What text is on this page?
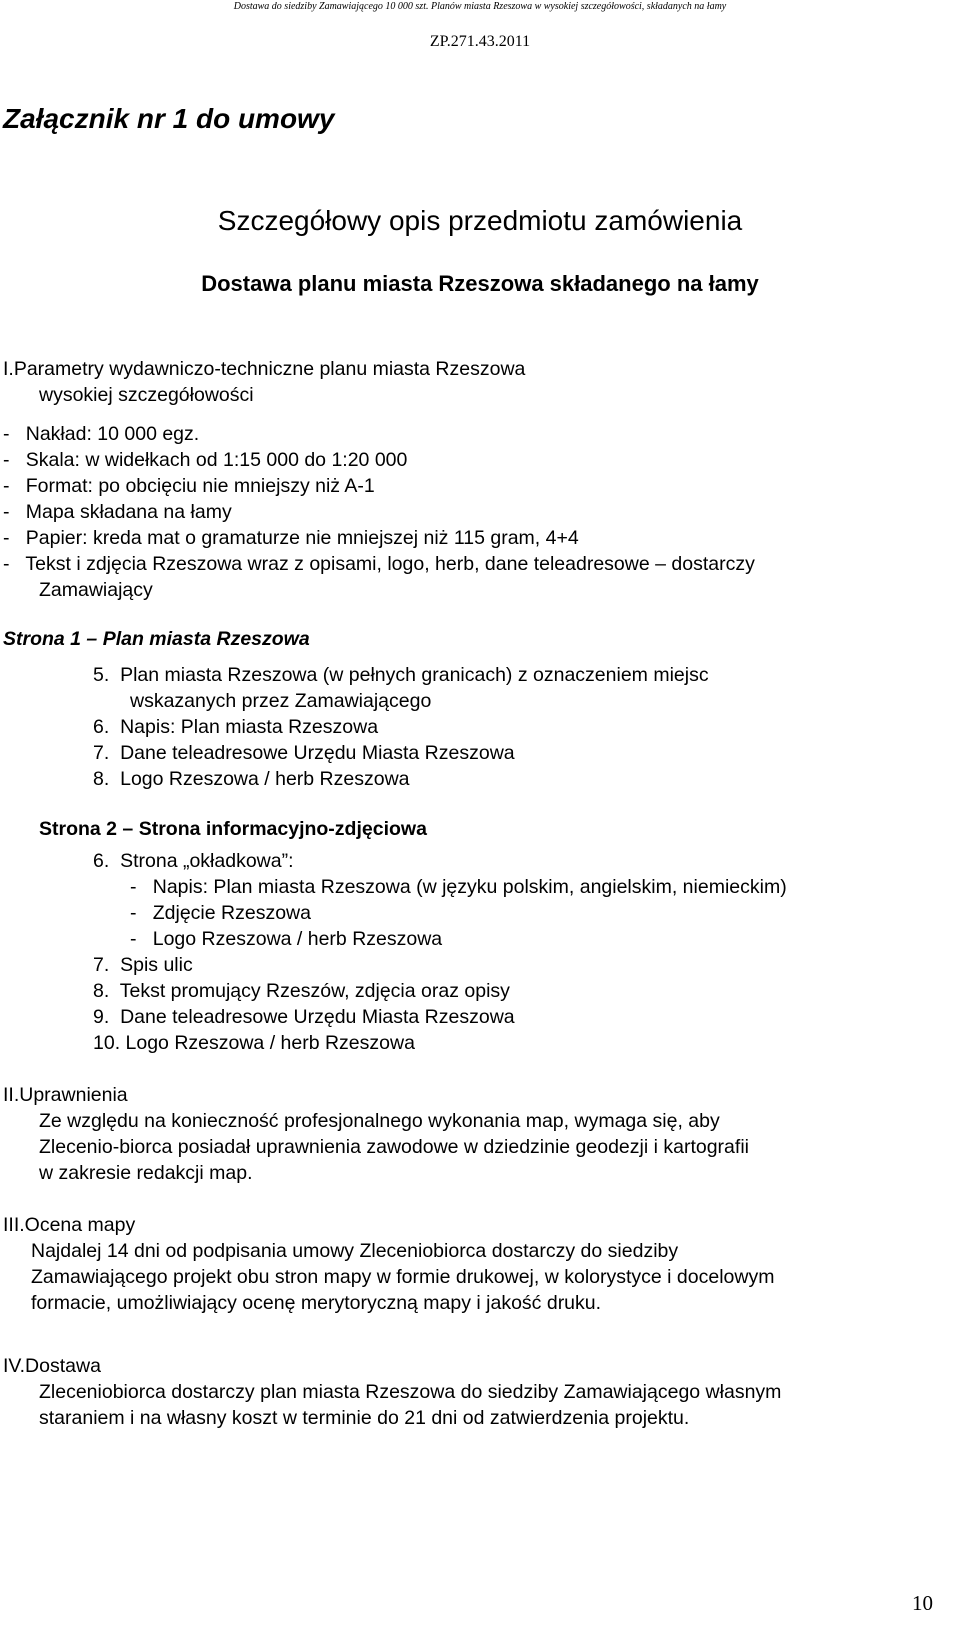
Dostawa do siedziby Zamawiającego 10 000 szt. Planów miasta Rzeszowa w wysokiej szczegółowości, składanych na łamy
ZP.271.43.2011
Załącznik nr 1 do umowy
Szczegółowy opis przedmiotu zamówienia
Dostawa planu miasta Rzeszowa składanego na łamy
I.Parametry wydawniczo-techniczne planu miasta Rzeszowa
wysokiej szczegółowości
-   Nakład: 10 000 egz.
-   Skala: w widełkach od 1:15 000 do 1:20 000
-   Format: po obcięciu nie mniejszy niż A-1
-   Mapa składana na łamy
-   Papier: kreda mat o gramaturze nie mniejszej niż 115 gram, 4+4
-   Tekst i zdjęcia Rzeszowa wraz z opisami, logo, herb, dane teleadresowe – dostarczy
Zamawiający
Strona 1 – Plan miasta Rzeszowa
5.  Plan miasta Rzeszowa (w pełnych granicach) z oznaczeniem miejsc
wskazanych przez Zamawiającego
6.  Napis: Plan miasta Rzeszowa
7.  Dane teleadresowe Urzędu Miasta Rzeszowa
8.  Logo Rzeszowa / herb Rzeszowa
Strona 2 – Strona informacyjno-zdjęciowa
6.  Strona „okładkowa”:
-   Napis: Plan miasta Rzeszowa (w języku polskim, angielskim, niemieckim)
-   Zdjęcie Rzeszowa
-   Logo Rzeszowa / herb Rzeszowa
7.  Spis ulic
8.  Tekst promujący Rzeszów, zdjęcia oraz opisy
9.  Dane teleadresowe Urzędu Miasta Rzeszowa
10. Logo Rzeszowa / herb Rzeszowa
II.Uprawnienia
Ze względu na konieczność profesjonalnego wykonania map, wymaga się, aby
Zlecenio-biorca posiadał uprawnienia zawodowe w dziedzinie geodezji i kartografii
w zakresie redakcji map.
III.Ocena mapy
Najdalej 14 dni od podpisania umowy Zleceniobiorca dostarczy do siedziby
Zamawiającego projekt obu stron mapy w formie drukowej, w kolorystyce i docelowym
formacie, umożliwiający ocenę merytoryczną mapy i jakość druku.
IV.Dostawa
Zleceniobiorca dostarczy plan miasta Rzeszowa do siedziby Zamawiającego własnym
staraniem i na własny koszt w terminie do 21 dni od zatwierdzenia projektu.
10
